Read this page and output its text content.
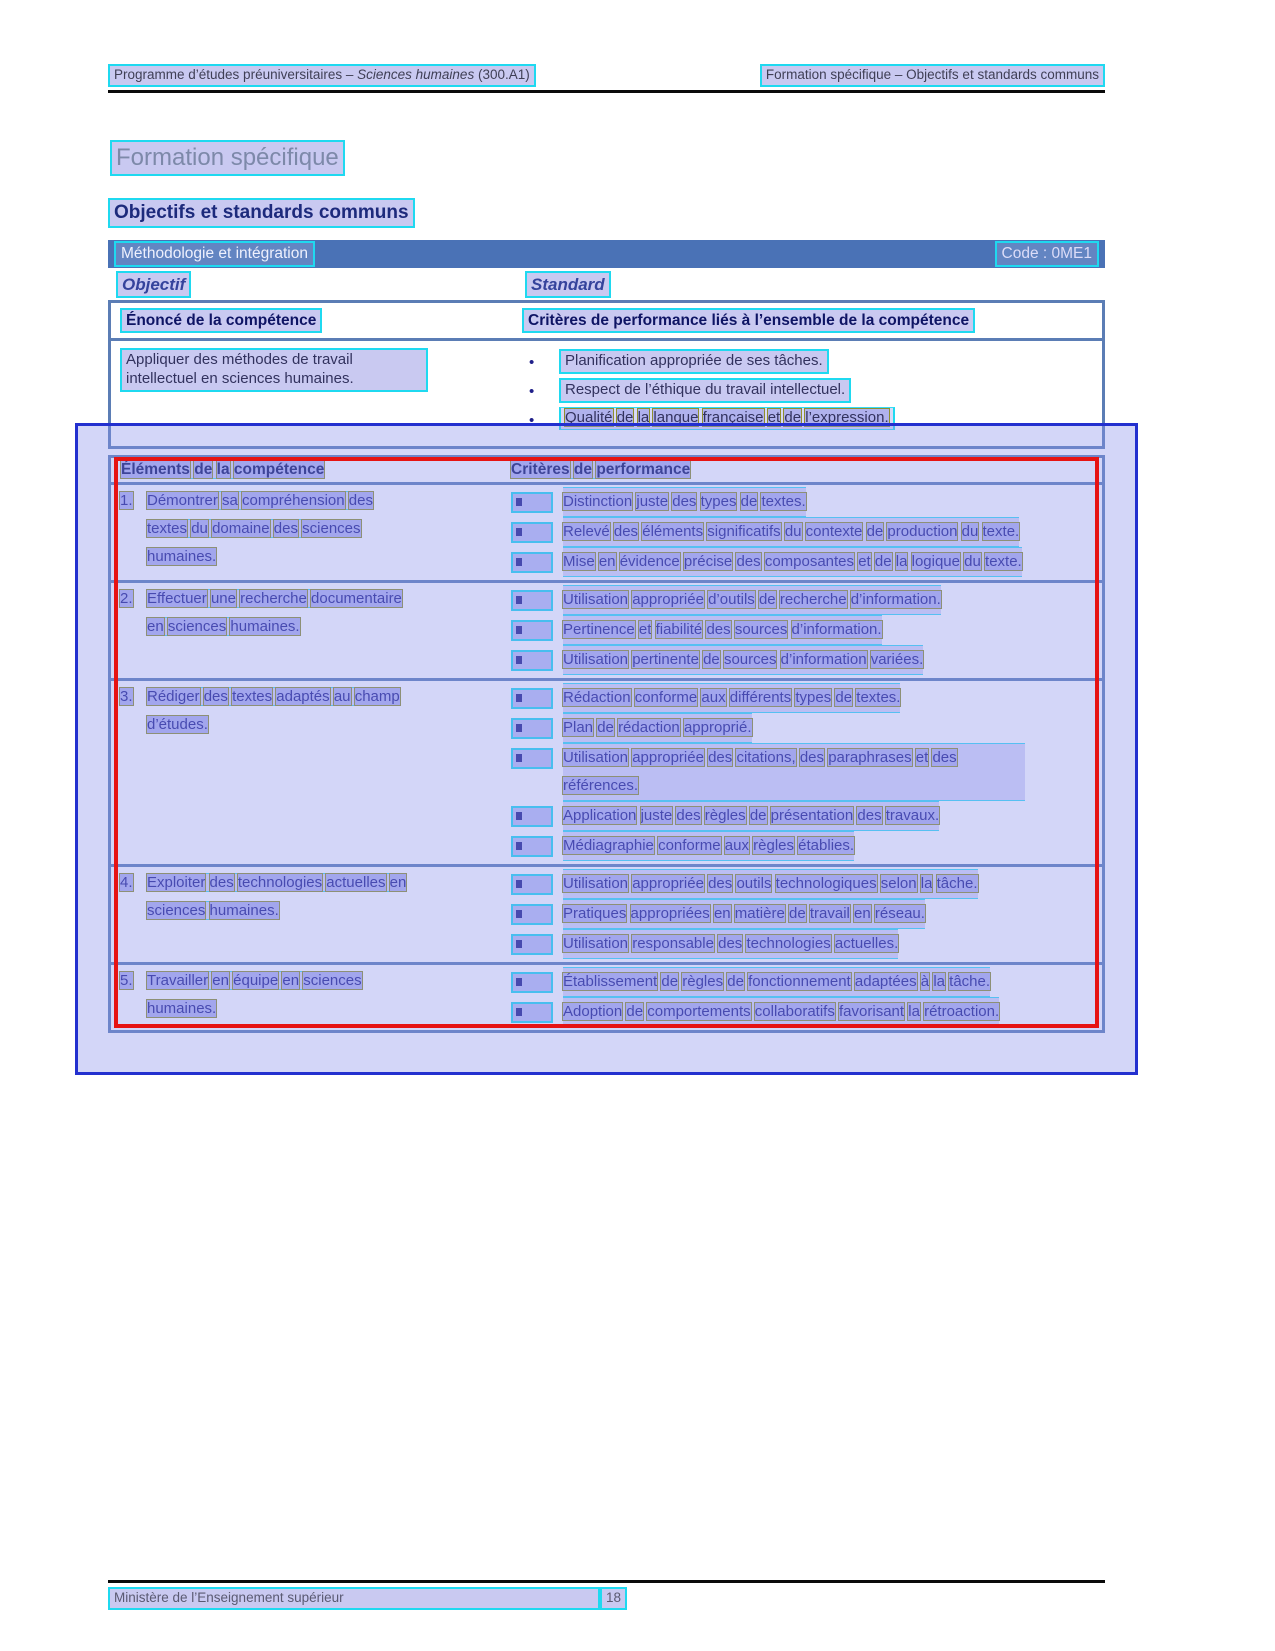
Programme d’études préuniversitaires – Sciences humaines (300.A1)	Formation spécifique – Objectifs et standards communs
Formation spécifique
Objectifs et standards communs
Méthodologie et intégration	Code : 0ME1
Objectif	Standard
Énoncé de la compétence	Critères de performance liés à l’ensemble de la compétence
Appliquer des méthodes de travail intellectuel en sciences humaines.
•	Planification appropriée de ses tâches.
•	Respect de l’éthique du travail intellectuel.
•	Qualité de la langue française et de l’expression.
Éléments de la compétence	Critères de performance
1. Démontrer sa compréhension des textes du domaine des sciences humaines.
Distinction juste des types de textes.
Relevé des éléments significatifs du contexte de production du texte.
Mise en évidence précise des composantes et de la logique du texte.
2. Effectuer une recherche documentaire en sciences humaines.
Utilisation appropriée d’outils de recherche d’information.
Pertinence et fiabilité des sources d’information.
Utilisation pertinente de sources d’information variées.
3. Rédiger des textes adaptés au champ d’études.
Rédaction conforme aux différents types de textes.
Plan de rédaction approprié.
Utilisation appropriée des citations, des paraphrases et des références.
Application juste des règles de présentation des travaux.
Médiagraphie conforme aux règles établies.
4. Exploiter des technologies actuelles en sciences humaines.
Utilisation appropriée des outils technologiques selon la tâche.
Pratiques appropriées en matière de travail en réseau.
Utilisation responsable des technologies actuelles.
5. Travailler en équipe en sciences humaines.
Établissement de règles de fonctionnement adaptées à la tâche.
Adoption de comportements collaboratifs favorisant la rétroaction.
Ministère de l’Enseignement supérieur	18
